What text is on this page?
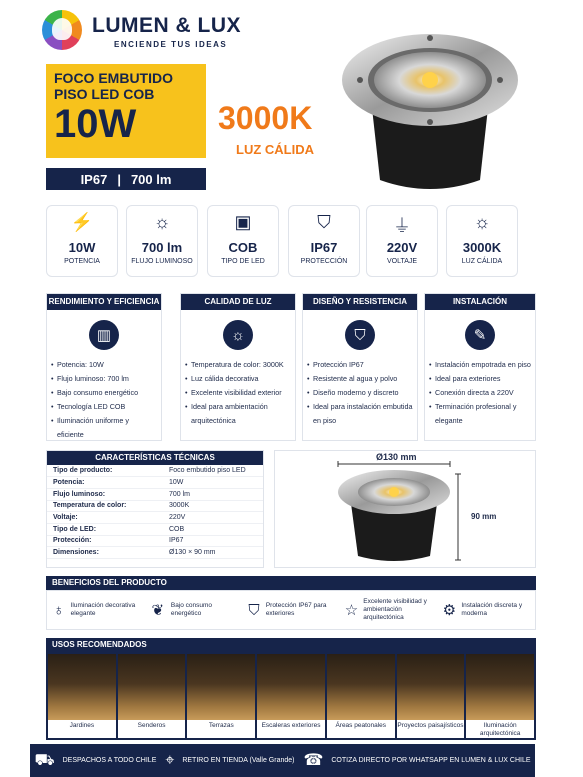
LUMEN & LUX
ENCIENDE TUS IDEAS
FOCO EMBUTIDO
PISO LED COB
10W
IP67 | 700 lm
3000K
LUZ CÁLIDA
⚡
10W
POTENCIA
☼
700 lm
FLUJO LUMINOSO
▣
COB
TIPO DE LED
⛉
IP67
PROTECCIÓN
⏚
220V
VOLTAJE
☼
3000K
LUZ CÁLIDA
RENDIMIENTO Y EFICIENCIA
▥
• Potencia: 10W
• Flujo luminoso: 700 lm
• Bajo consumo energético
• Tecnología LED COB
• Iluminación uniforme y eficiente
CALIDAD DE LUZ
☼
• Temperatura de color: 3000K
• Luz cálida decorativa
• Excelente visibilidad exterior
• Ideal para ambientación arquitectónica
DISEÑO Y RESISTENCIA
⛉
• Protección IP67
• Resistente al agua y polvo
• Diseño moderno y discreto
• Ideal para instalación embutida en piso
INSTALACIÓN
✎
• Instalación empotrada en piso
• Ideal para exteriores
• Conexión directa a 220V
• Terminación profesional y elegante
CARACTERÍSTICAS TÉCNICAS
Tipo de producto:	Foco embutido piso LED
Potencia:	10W
Flujo luminoso:	700 lm
Temperatura de color:	3000K
Voltaje:	220V
Tipo de LED:	COB
Protección:	IP67
Dimensiones:	Ø130 × 90 mm
Ø130 mm
90 mm
BENEFICIOS DEL PRODUCTO
♁ Iluminación decorativa elegante	❦ Bajo consumo energético	⛉ Protección IP67 para exteriores	☆
Excelente visibilidad y ambientación arquitectónica	⚙ Instalación discreta y moderna
USOS RECOMENDADOS
Jardines	Senderos	Terrazas	Escaleras exteriores	Áreas peatonales	Proyectos paisajísticos	Iluminación arquitectónica
⛟ DESPACHOS A TODO CHILE ⌖ RETIRO EN TIENDA (Valle Grande) ☎ COTIZA DIRECTO POR WHATSAPP EN LUMEN & LUX CHILE
